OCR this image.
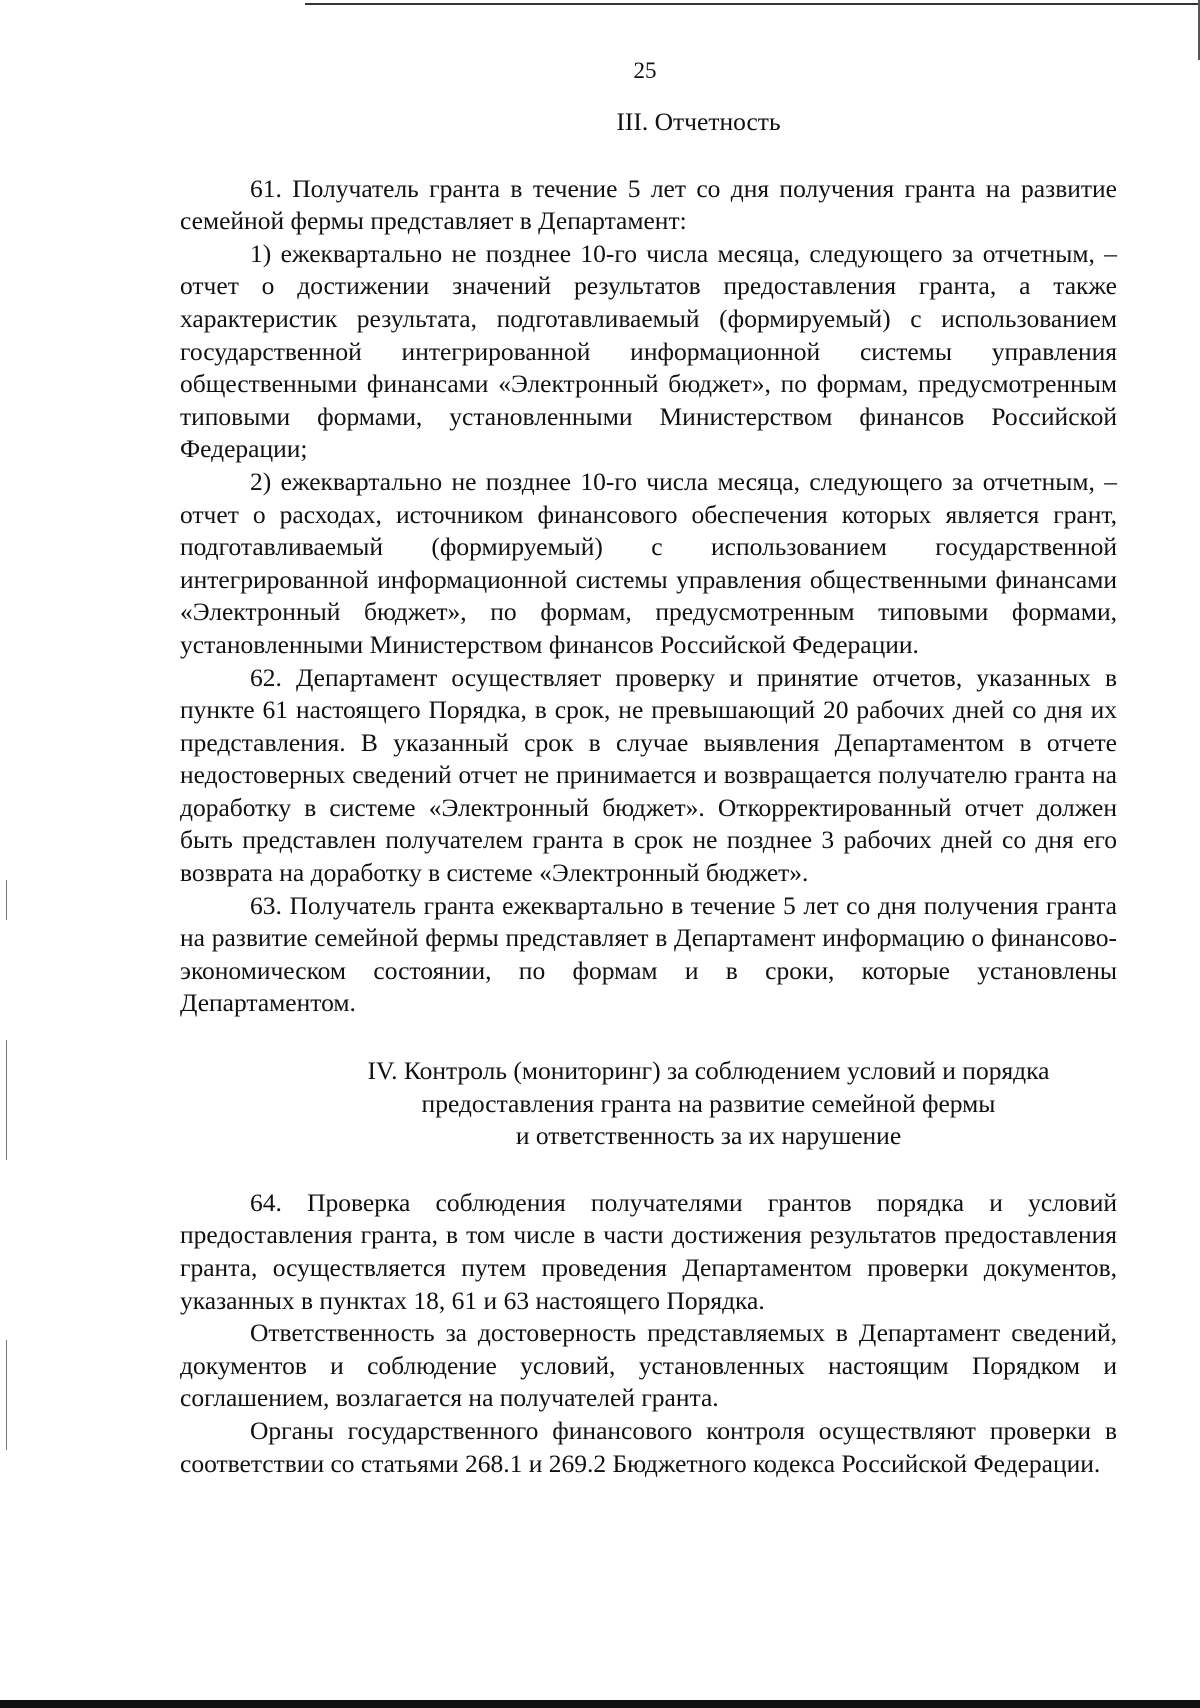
25

III. Отчетность

61. Получатель гранта в течение 5 лет со дня получения гранта на развитие семейной фермы представляет в Департамент:

1) ежеквартально не позднее 10-го числа месяца, следующего за отчетным, – отчет о достижении значений результатов предоставления гранта, а также характеристик результата, подготавливаемый (формируемый) с использованием государственной интегрированной информационной системы управления общественными финансами «Электронный бюджет», по формам, предусмотренным типовыми формами, установленными Министерством финансов Российской Федерации;

2) ежеквартально не позднее 10-го числа месяца, следующего за отчетным, – отчет о расходах, источником финансового обеспечения которых является грант, подготавливаемый (формируемый) с использованием государственной интегрированной информационной системы управления общественными финансами «Электронный бюджет», по формам, предусмотренным типовыми формами, установленными Министерством финансов Российской Федерации.

62. Департамент осуществляет проверку и принятие отчетов, указанных в пункте 61 настоящего Порядка, в срок, не превышающий 20 рабочих дней со дня их представления. В указанный срок в случае выявления Департаментом в отчете недостоверных сведений отчет не принимается и возвращается получателю гранта на доработку в системе «Электронный бюджет». Откорректированный отчет должен быть представлен получателем гранта в срок не позднее 3 рабочих дней со дня его возврата на доработку в системе «Электронный бюджет».

63. Получатель гранта ежеквартально в течение 5 лет со дня получения гранта на развитие семейной фермы представляет в Департамент информацию о финансово-экономическом состоянии, по формам и в сроки, которые установлены Департаментом.

IV. Контроль (мониторинг) за соблюдением условий и порядка
предоставления гранта на развитие семейной фермы
и ответственность за их нарушение

64. Проверка соблюдения получателями грантов порядка и условий предоставления гранта, в том числе в части достижения результатов предоставления гранта, осуществляется путем проведения Департаментом проверки документов, указанных в пунктах 18, 61 и 63 настоящего Порядка.

Ответственность за достоверность представляемых в Департамент сведений, документов и соблюдение условий, установленных настоящим Порядком и соглашением, возлагается на получателей гранта.

Органы государственного финансового контроля осуществляют проверки в соответствии со статьями 268.1 и 269.2 Бюджетного кодекса Российской Федерации.
